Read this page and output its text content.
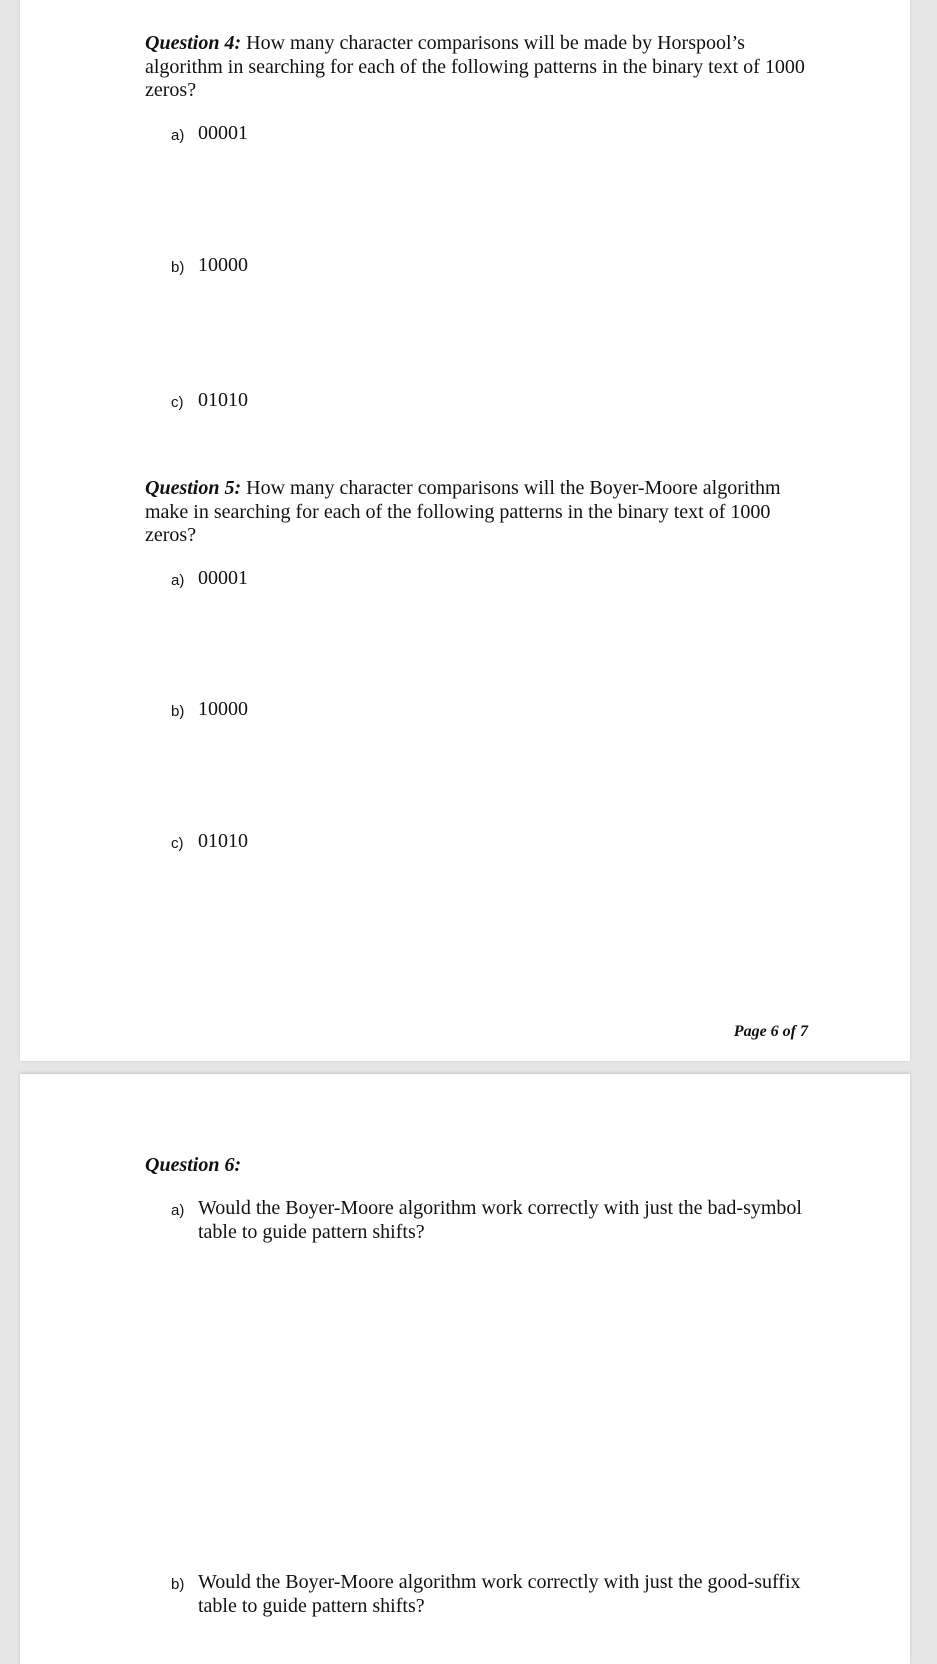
Question 4: How many character comparisons will be made by Horspool’s algorithm in searching for each of the following patterns in the binary text of 1000 zeros?
a) 00001
b) 10000
c) 01010
Question 5: How many character comparisons will the Boyer-Moore algorithm make in searching for each of the following patterns in the binary text of 1000 zeros?
a) 00001
b) 10000
c) 01010
Page 6 of 7
Question 6:
a) Would the Boyer-Moore algorithm work correctly with just the bad-symbol table to guide pattern shifts?
b) Would the Boyer-Moore algorithm work correctly with just the good-suffix table to guide pattern shifts?
